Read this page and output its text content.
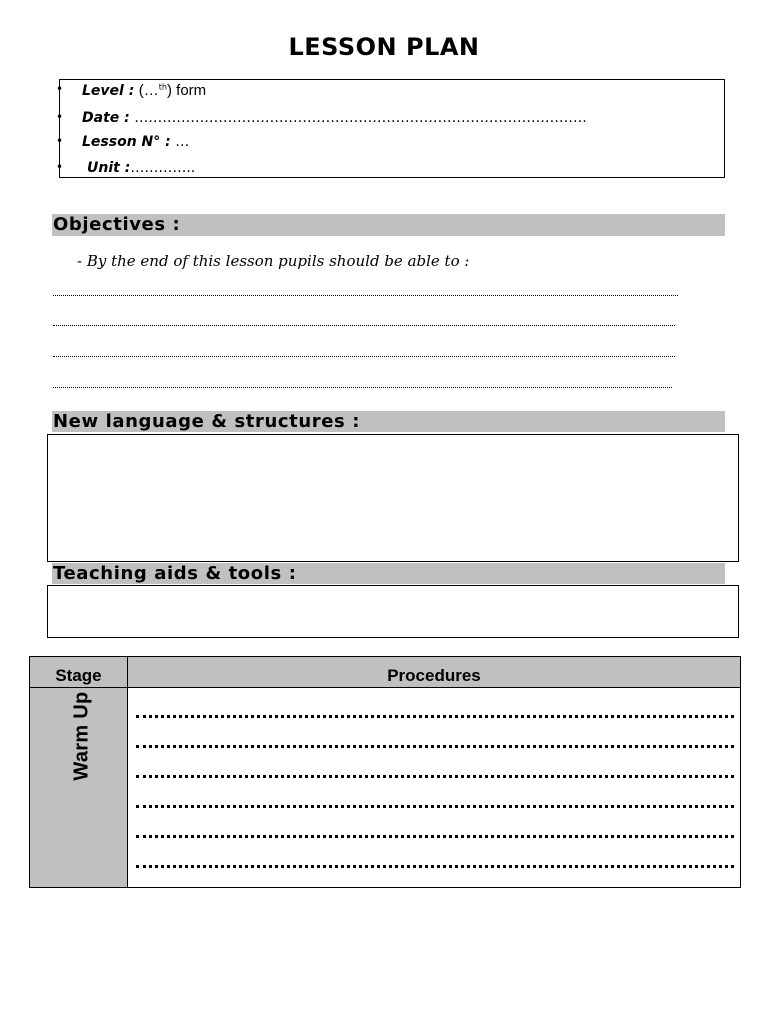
LESSON PLAN
• Level : (…$^{th}$) form
• Date : …………………………………………………………………………………….
• Lesson N° : …
• Unit :…………..
Objectives :
- By the end of this lesson pupils should be able to :
New language & structures :
Teaching aids & tools :
Stage	Procedures
Warm Up
